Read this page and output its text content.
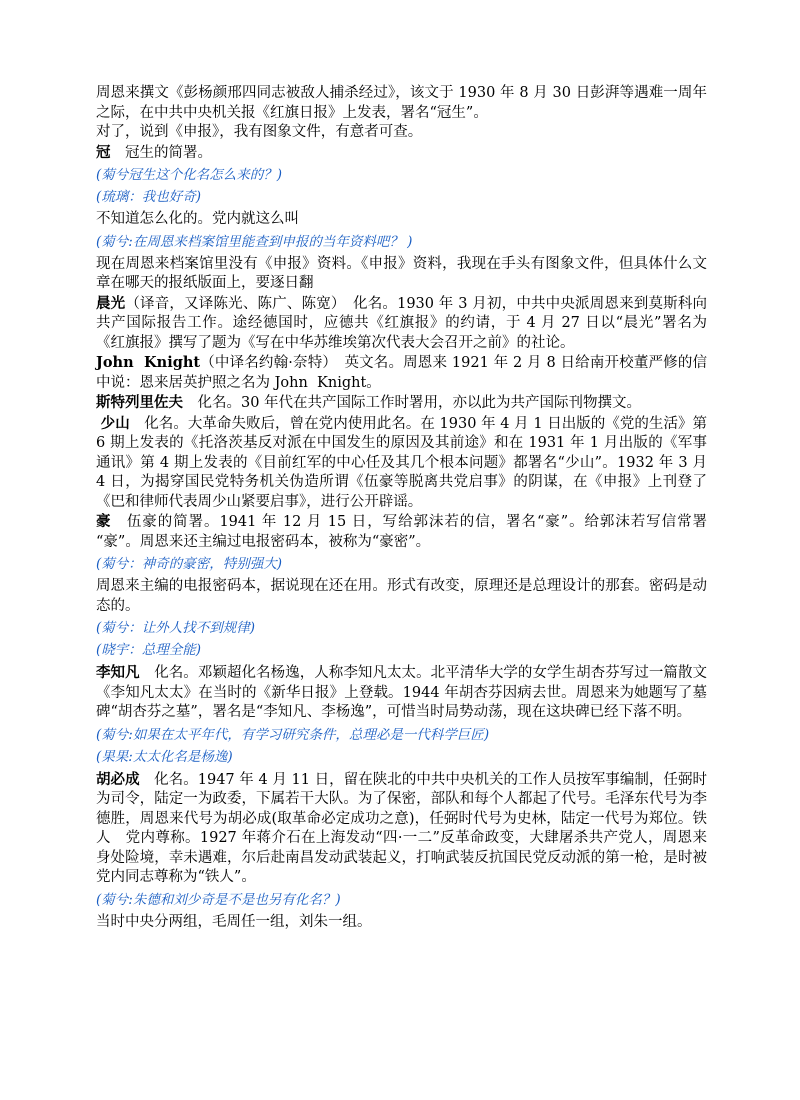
周恩来撰文《彭杨颜邢四同志被敌人捕杀经过》，该文于 1930 年 8 月 30 日彭湃等遇难一周年之际，在中共中央机关报《红旗日报》上发表，署名“冠生”。

对了，说到《申报》，我有图象文件，有意者可查。

冠　冠生的简署。

(菊兮冠生这个化名怎么来的？)

(琉璃：我也好奇)

不知道怎么化的。党内就这么叫

(菊兮:在周恩来档案馆里能查到申报的当年资料吧？ )

现在周恩来档案馆里没有《申报》资料。《申报》资料，我现在手头有图象文件，但具体什么文章在哪天的报纸版面上，要逐日翻

晨光（译音，又译陈光、陈广、陈宽）　化名。1930 年 3 月初，中共中央派周恩来到莫斯科向共产国际报告工作。途经德国时，应德共《红旗报》的约请，于 4 月 27 日以“晨光”署名为《红旗报》撰写了题为《写在中华苏维埃第次代表大会召开之前》的社论。

John  Knight（中译名约翰·奈特）　英文名。周恩来 1921 年 2 月 8 日给南开校董严修的信中说：恩来居英护照之名为 John  Knight。

斯特列里佐夫　化名。30 年代在共产国际工作时署用，亦以此为共产国际刊物撰文。

少山　化名。大革命失败后，曾在党内使用此名。在 1930 年 4 月 1 日出版的《党的生活》第 6 期上发表的《托洛茨基反对派在中国发生的原因及其前途》和在 1931 年 1 月出版的《军事通讯》第 4 期上发表的《目前红军的中心任及其几个根本问题》都署名“少山”。1932 年 3 月 4 日，为揭穿国民党特务机关伪造所谓《伍豪等脱离共党启事》的阴谋，在《申报》上刊登了《巴和律师代表周少山紧要启事》，进行公开辟谣。

豪　伍豪的简署。1941 年 12 月 15 日，写给郭沫若的信，署名“豪”。给郭沫若写信常署“豪”。周恩来还主编过电报密码本，被称为“豪密”。

(菊兮：神奇的豪密，特别强大)

周恩来主编的电报密码本，据说现在还在用。形式有改变，原理还是总理设计的那套。密码是动态的。

(菊兮：让外人找不到规律)

(晓宇：总理全能)

李知凡　化名。邓颖超化名杨逸，人称李知凡太太。北平清华大学的女学生胡杏芬写过一篇散文《李知凡太太》在当时的《新华日报》上登载。1944 年胡杏芬因病去世。周恩来为她题写了墓碑“胡杏芬之墓”，署名是“李知凡、李杨逸”，可惜当时局势动荡，现在这块碑已经下落不明。

(菊兮:如果在太平年代，有学习研究条件，总理必是一代科学巨匠)

(果果:太太化名是杨逸)

胡必成　化名。1947 年 4 月 11 日，留在陕北的中共中央机关的工作人员按军事编制，任弼时为司令，陆定一为政委，下属若干大队。为了保密，部队和每个人都起了代号。毛泽东代号为李德胜，周恩来代号为胡必成(取革命必定成功之意)，任弼时代号为史林，陆定一代号为郑位。铁人　党内尊称。1927 年蒋介石在上海发动“四·一二”反革命政变，大肆屠杀共产党人，周恩来身处险境，幸未遇难，尔后赴南昌发动武装起义，打响武装反抗国民党反动派的第一枪，是时被党内同志尊称为“铁人”。

(菊兮:朱德和刘少奇是不是也另有化名？)

当时中央分两组，毛周任一组，刘朱一组。
